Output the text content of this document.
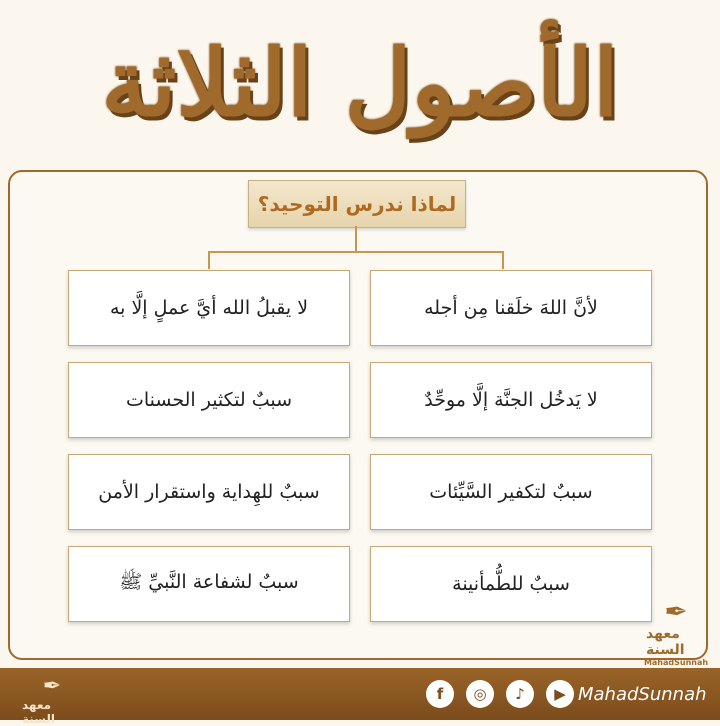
الأصول الثلاثة
لماذا ندرس التوحيد؟
لأنَّ اللهَ خلَقنا مِن أجله
لا يقبلُ الله أيَّ عملٍ إلَّا به
لا يَدخُل الجنَّة إلَّا موحِّدٌ
سببٌ لتكثير الحسنات
سببٌ لتكفير السَّيِّئات
سببٌ للهِداية واستقرار الأمن
سببٌ للطُّمأنينة
سببٌ لشفاعة النَّبيِّ ﷺ
✒
معهد السنة
MahadSunnah
✒
معهد السنة
f ◎ ♪ ▶ MahadSunnah
